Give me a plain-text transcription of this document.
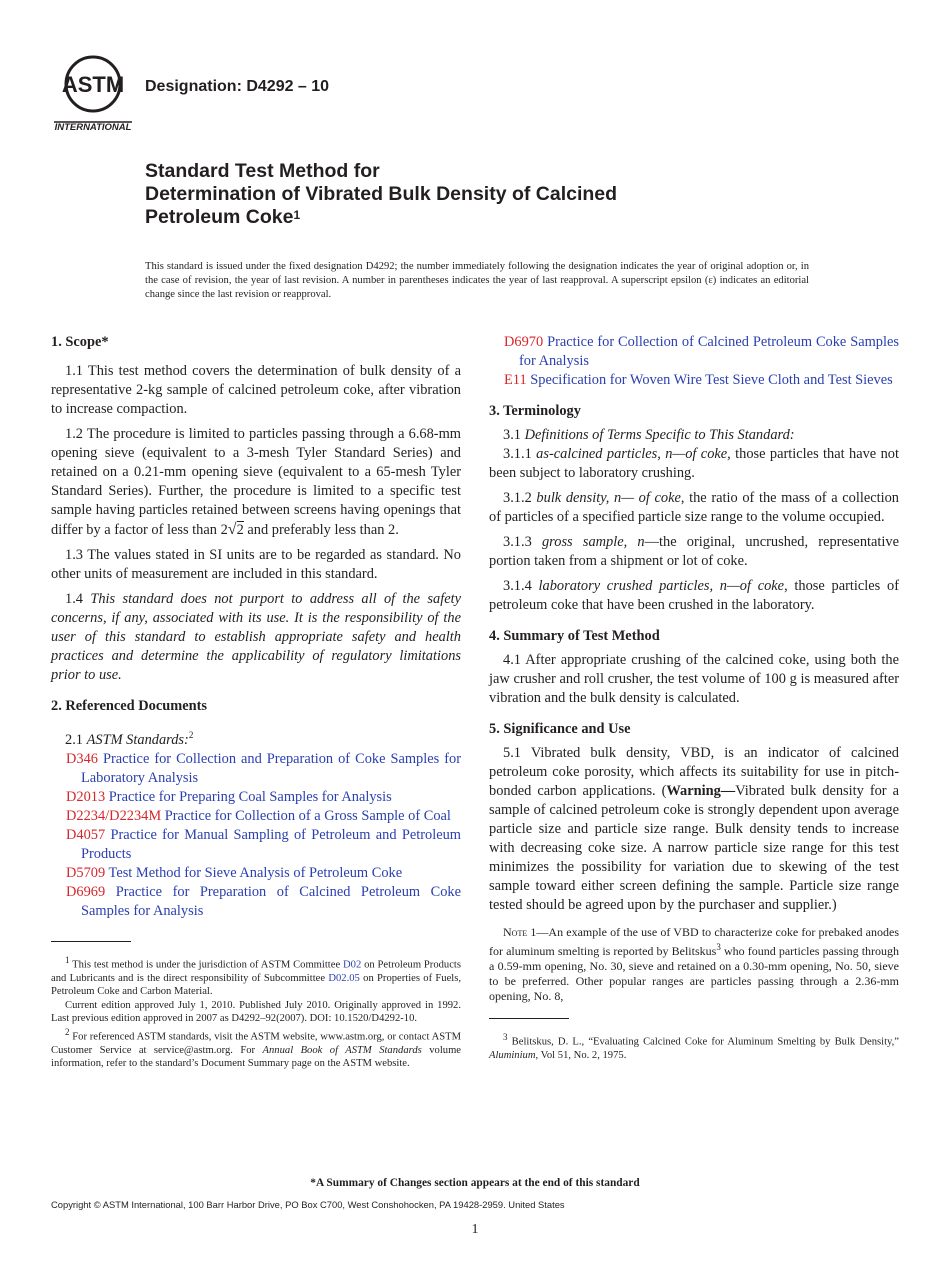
ASTM
INTERNATIONAL
Designation: D4292 – 10
Standard Test Method for
Determination of Vibrated Bulk Density of Calcined
Petroleum Coke$^1$
This standard is issued under the fixed designation D4292; the number immediately following the designation indicates the year of original adoption or, in the case of revision, the year of last revision. A number in parentheses indicates the year of last reapproval. A superscript epsilon (ε) indicates an editorial change since the last revision or reapproval.
1. Scope*
1.1 This test method covers the determination of bulk density of a representative 2-kg sample of calcined petroleum coke, after vibration to increase compaction.
1.2 The procedure is limited to particles passing through a 6.68-mm opening sieve (equivalent to a 3-mesh Tyler Standard Series) and retained on a 0.21-mm opening sieve (equivalent to a 65-mesh Tyler Standard Series). Further, the procedure is limited to a specific test sample having particles retained between screens having openings that differ by a factor of less than 2√2 and preferably less than 2.
1.3 The values stated in SI units are to be regarded as standard. No other units of measurement are included in this standard.
1.4 This standard does not purport to address all of the safety concerns, if any, associated with its use. It is the responsibility of the user of this standard to establish appropriate safety and health practices and determine the applicability of regulatory limitations prior to use.
2. Referenced Documents
2.1 ASTM Standards:$^2$
D346 Practice for Collection and Preparation of Coke Samples for Laboratory Analysis
D2013 Practice for Preparing Coal Samples for Analysis
D2234/D2234M Practice for Collection of a Gross Sample of Coal
D4057 Practice for Manual Sampling of Petroleum and Petroleum Products
D5709 Test Method for Sieve Analysis of Petroleum Coke
D6969 Practice for Preparation of Calcined Petroleum Coke Samples for Analysis
$^1$ This test method is under the jurisdiction of ASTM Committee D02 on Petroleum Products and Lubricants and is the direct responsibility of Subcommittee D02.05 on Properties of Fuels, Petroleum Coke and Carbon Material.
Current edition approved July 1, 2010. Published July 2010. Originally approved in 1992. Last previous edition approved in 2007 as D4292–92(2007). DOI: 10.1520/D4292-10.
$^2$ For referenced ASTM standards, visit the ASTM website, www.astm.org, or contact ASTM Customer Service at service@astm.org. For Annual Book of ASTM Standards volume information, refer to the standard’s Document Summary page on the ASTM website.
D6970 Practice for Collection of Calcined Petroleum Coke Samples for Analysis
E11 Specification for Woven Wire Test Sieve Cloth and Test Sieves
3. Terminology
3.1 Definitions of Terms Specific to This Standard:
3.1.1 as-calcined particles, n—of coke, those particles that have not been subject to laboratory crushing.
3.1.2 bulk density, n— of coke, the ratio of the mass of a collection of particles of a specified particle size range to the volume occupied.
3.1.3 gross sample, n—the original, uncrushed, representative portion taken from a shipment or lot of coke.
3.1.4 laboratory crushed particles, n—of coke, those particles of petroleum coke that have been crushed in the laboratory.
4. Summary of Test Method
4.1 After appropriate crushing of the calcined coke, using both the jaw crusher and roll crusher, the test volume of 100 g is measured after vibration and the bulk density is calculated.
5. Significance and Use
5.1 Vibrated bulk density, VBD, is an indicator of calcined petroleum coke porosity, which affects its suitability for use in pitch-bonded carbon applications. (Warning—Vibrated bulk density for a sample of calcined petroleum coke is strongly dependent upon average particle size and particle size range. Bulk density tends to increase with decreasing coke size. A narrow particle size range for this test minimizes the possibility for variation due to skewing of the test sample toward either screen defining the sample. Particle size range tested should be agreed upon by the purchaser and supplier.)
Note 1—An example of the use of VBD to characterize coke for prebaked anodes for aluminum smelting is reported by Belitskus$^3$ who found particles passing through a 0.59-mm opening, No. 30, sieve and retained on a 0.30-mm opening, No. 50, sieve to be preferred. Other popular ranges are particles passing through a 2.36-mm opening, No. 8,
$^3$ Belitskus, D. L., “Evaluating Calcined Coke for Aluminum Smelting by Bulk Density,” Aluminium, Vol 51, No. 2, 1975.
*A Summary of Changes section appears at the end of this standard
Copyright © ASTM International, 100 Barr Harbor Drive, PO Box C700, West Conshohocken, PA 19428-2959. United States
1
